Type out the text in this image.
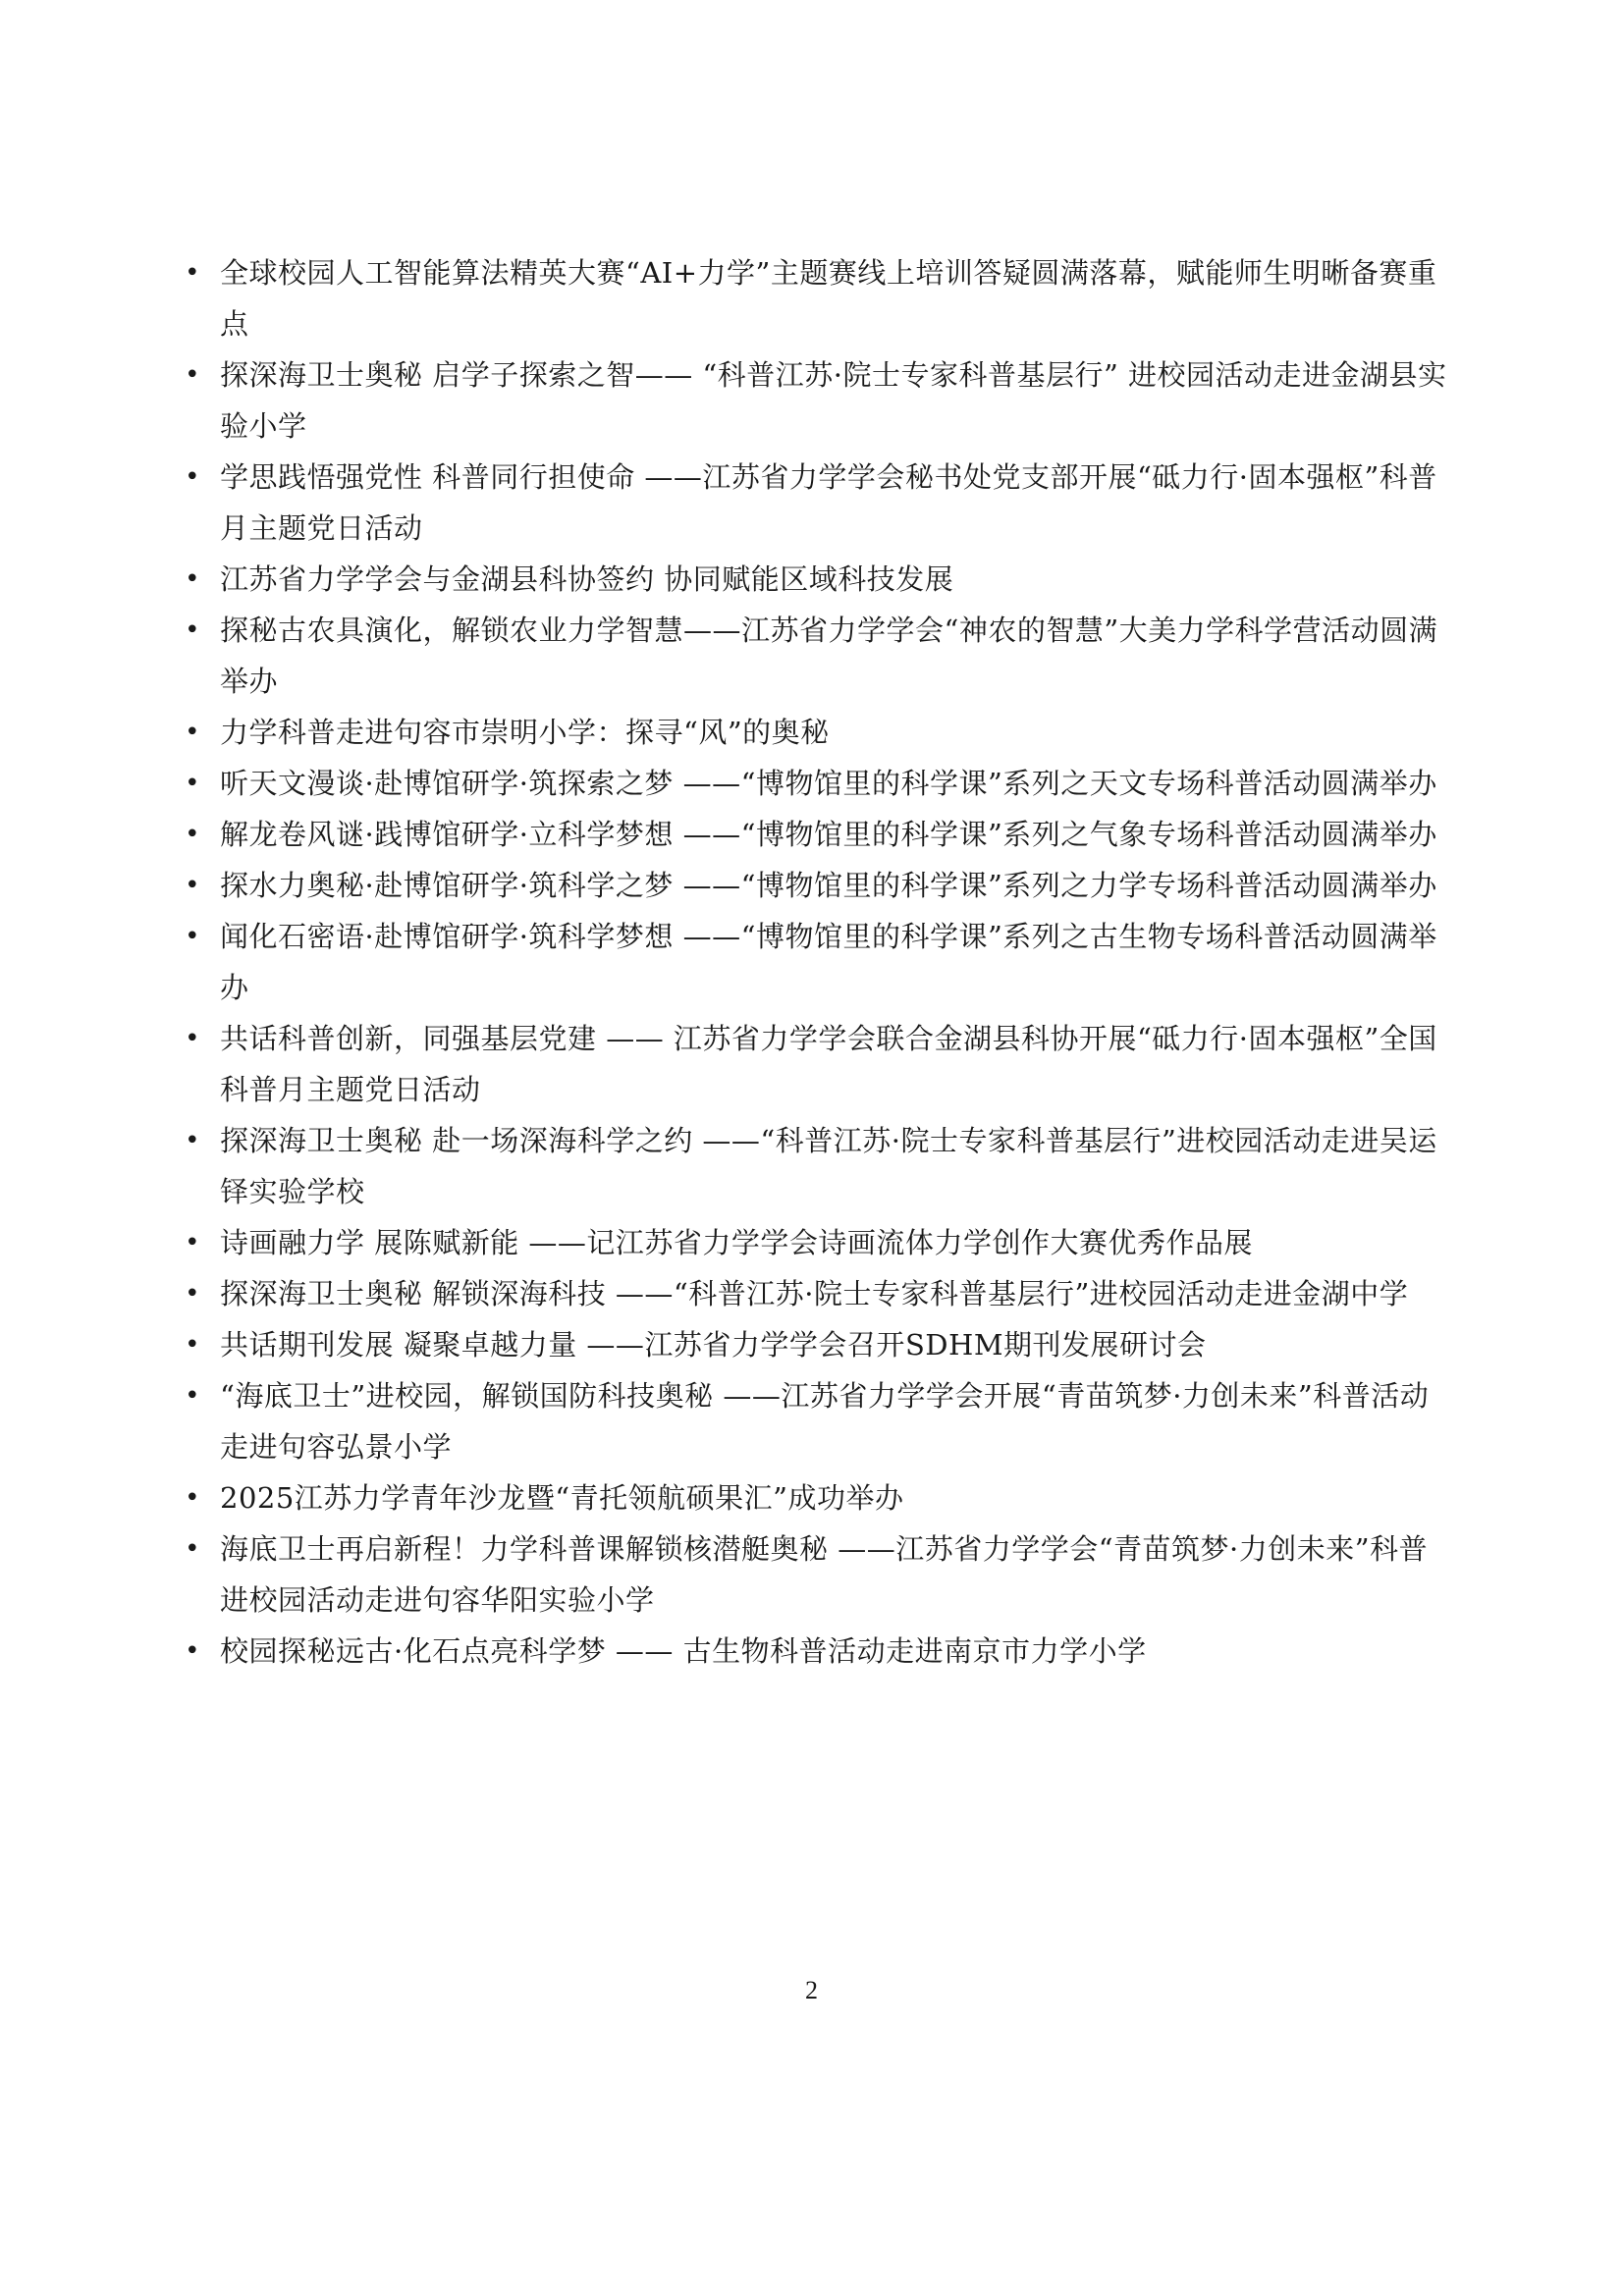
• 全球校园人工智能算法精英大赛“AI+力学”主题赛线上培训答疑圆满落幕，赋能师生明晰备赛重点
• 探深海卫士奥秘 启学子探索之智—— “科普江苏·院士专家科普基层行” 进校园活动走进金湖县实验小学
• 学思践悟强党性 科普同行担使命 ——江苏省力学学会秘书处党支部开展“砥力行·固本强枢”科普月主题党日活动
• 江苏省力学学会与金湖县科协签约 协同赋能区域科技发展
• 探秘古农具演化，解锁农业力学智慧——江苏省力学学会“神农的智慧”大美力学科学营活动圆满举办
• 力学科普走进句容市崇明小学：探寻“风”的奥秘
• 听天文漫谈·赴博馆研学·筑探索之梦 ——“博物馆里的科学课”系列之天文专场科普活动圆满举办
• 解龙卷风谜·践博馆研学·立科学梦想 ——“博物馆里的科学课”系列之气象专场科普活动圆满举办
• 探水力奥秘·赴博馆研学·筑科学之梦 ——“博物馆里的科学课”系列之力学专场科普活动圆满举办
• 闻化石密语·赴博馆研学·筑科学梦想 ——“博物馆里的科学课”系列之古生物专场科普活动圆满举办
• 共话科普创新，同强基层党建 —— 江苏省力学学会联合金湖县科协开展“砥力行·固本强枢”全国科普月主题党日活动
• 探深海卫士奥秘 赴一场深海科学之约 ——“科普江苏·院士专家科普基层行”进校园活动走进吴运铎实验学校
• 诗画融力学 展陈赋新能 ——记江苏省力学学会诗画流体力学创作大赛优秀作品展
• 探深海卫士奥秘 解锁深海科技 ——“科普江苏·院士专家科普基层行”进校园活动走进金湖中学
• 共话期刊发展 凝聚卓越力量 ——江苏省力学学会召开SDHM期刊发展研讨会
• “海底卫士”进校园，解锁国防科技奥秘 ——江苏省力学学会开展“青苗筑梦·力创未来”科普活动走进句容弘景小学
• 2025江苏力学青年沙龙暨“青托领航硕果汇”成功举办
• 海底卫士再启新程！力学科普课解锁核潜艇奥秘 ——江苏省力学学会“青苗筑梦·力创未来”科普进校园活动走进句容华阳实验小学
• 校园探秘远古·化石点亮科学梦 —— 古生物科普活动走进南京市力学小学
2
